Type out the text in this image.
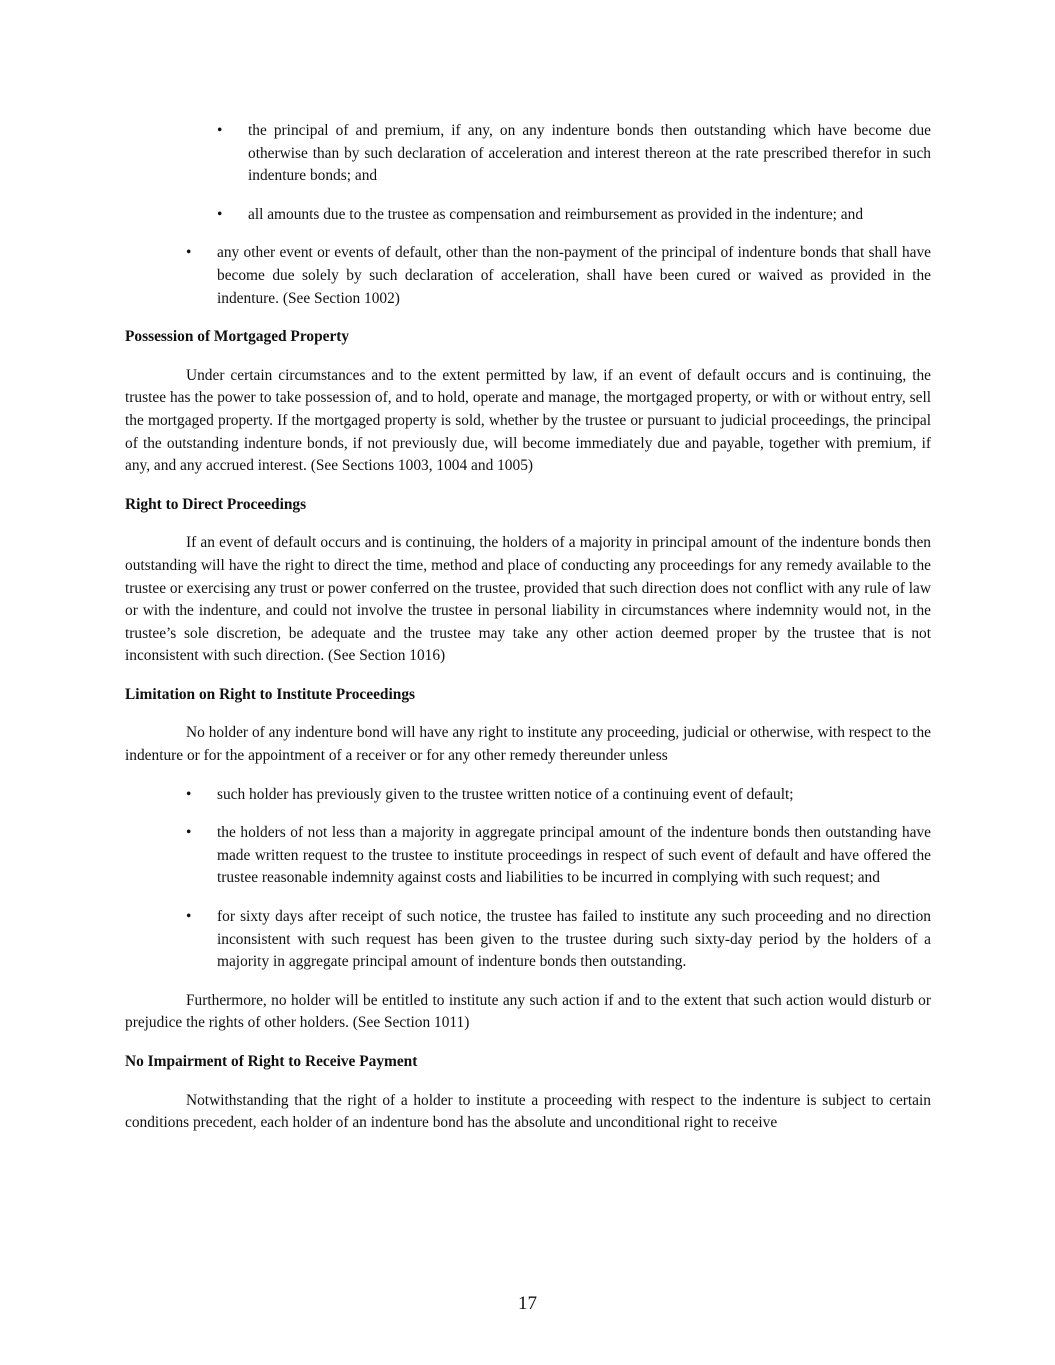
• the principal of and premium, if any, on any indenture bonds then outstanding which have become due otherwise than by such declaration of acceleration and interest thereon at the rate prescribed therefor in such indenture bonds; and
• all amounts due to the trustee as compensation and reimbursement as provided in the indenture; and
• any other event or events of default, other than the non-payment of the principal of indenture bonds that shall have become due solely by such declaration of acceleration, shall have been cured or waived as provided in the indenture. (See Section 1002)

Possession of Mortgaged Property

Under certain circumstances and to the extent permitted by law, if an event of default occurs and is continuing, the trustee has the power to take possession of, and to hold, operate and manage, the mortgaged property, or with or without entry, sell the mortgaged property. If the mortgaged property is sold, whether by the trustee or pursuant to judicial proceedings, the principal of the outstanding indenture bonds, if not previously due, will become immediately due and payable, together with premium, if any, and any accrued interest. (See Sections 1003, 1004 and 1005)

Right to Direct Proceedings

If an event of default occurs and is continuing, the holders of a majority in principal amount of the indenture bonds then outstanding will have the right to direct the time, method and place of conducting any proceedings for any remedy available to the trustee or exercising any trust or power conferred on the trustee, provided that such direction does not conflict with any rule of law or with the indenture, and could not involve the trustee in personal liability in circumstances where indemnity would not, in the trustee’s sole discretion, be adequate and the trustee may take any other action deemed proper by the trustee that is not inconsistent with such direction. (See Section 1016)

Limitation on Right to Institute Proceedings

No holder of any indenture bond will have any right to institute any proceeding, judicial or otherwise, with respect to the indenture or for the appointment of a receiver or for any other remedy thereunder unless

• such holder has previously given to the trustee written notice of a continuing event of default;
• the holders of not less than a majority in aggregate principal amount of the indenture bonds then outstanding have made written request to the trustee to institute proceedings in respect of such event of default and have offered the trustee reasonable indemnity against costs and liabilities to be incurred in complying with such request; and
• for sixty days after receipt of such notice, the trustee has failed to institute any such proceeding and no direction inconsistent with such request has been given to the trustee during such sixty-day period by the holders of a majority in aggregate principal amount of indenture bonds then outstanding.

Furthermore, no holder will be entitled to institute any such action if and to the extent that such action would disturb or prejudice the rights of other holders. (See Section 1011)

No Impairment of Right to Receive Payment

Notwithstanding that the right of a holder to institute a proceeding with respect to the indenture is subject to certain conditions precedent, each holder of an indenture bond has the absolute and unconditional right to receive

17
